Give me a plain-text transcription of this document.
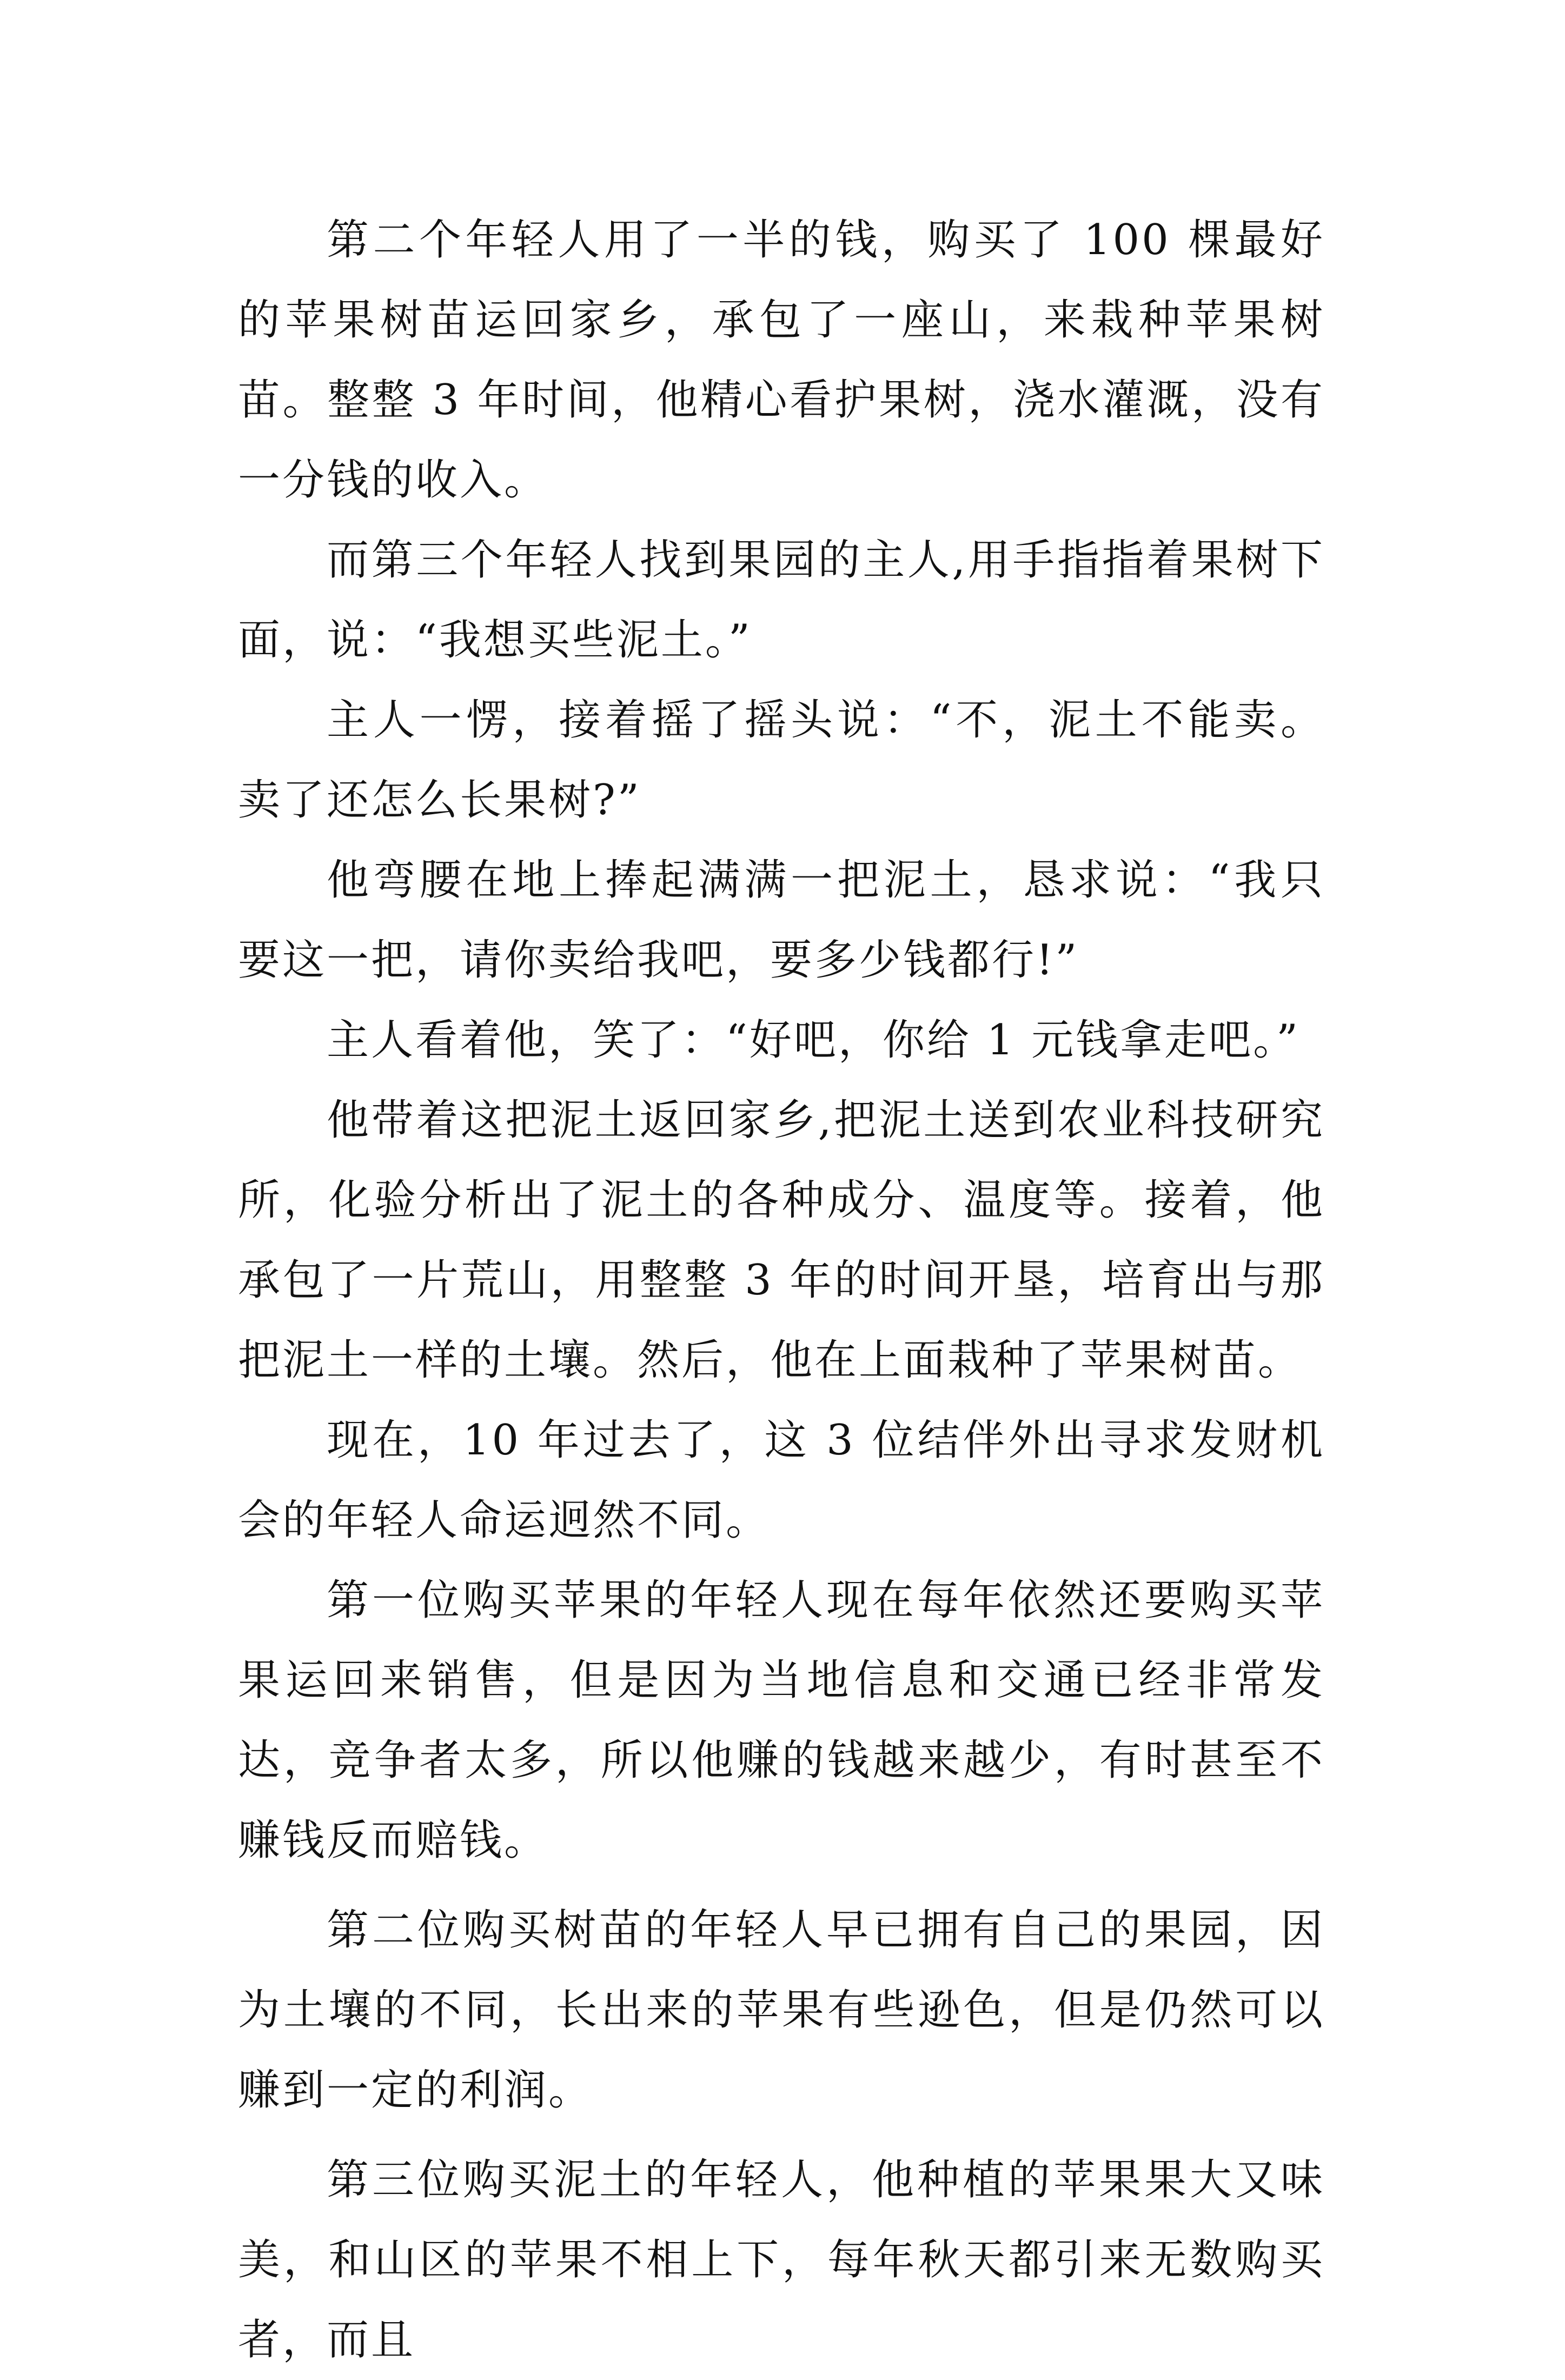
第二个年轻人用了一半的钱，购买了 100 棵最好的苹果树苗运回家乡，承包了一座山，来栽种苹果树苗。整整 3 年时间，他精心看护果树，浇水灌溉，没有一分钱的收入。

而第三个年轻人找到果园的主人,用手指指着果树下面，说：“我想买些泥土。”

主人一愣，接着摇了摇头说：“不，泥土不能卖。卖了还怎么长果树?”

他弯腰在地上捧起满满一把泥土，恳求说：“我只要这一把，请你卖给我吧，要多少钱都行!”

主人看着他，笑了：“好吧，你给 1 元钱拿走吧。”

他带着这把泥土返回家乡,把泥土送到农业科技研究所，化验分析出了泥土的各种成分、温度等。接着，他承包了一片荒山，用整整 3 年的时间开垦，培育出与那把泥土一样的土壤。然后，他在上面栽种了苹果树苗。

现在，10 年过去了，这 3 位结伴外出寻求发财机会的年轻人命运迥然不同。

第一位购买苹果的年轻人现在每年依然还要购买苹果运回来销售，但是因为当地信息和交通已经非常发达，竞争者太多，所以他赚的钱越来越少，有时甚至不赚钱反而赔钱。

第二位购买树苗的年轻人早已拥有自己的果园，因为土壤的不同，长出来的苹果有些逊色，但是仍然可以赚到一定的利润。

第三位购买泥土的年轻人，他种植的苹果果大又味美，和山区的苹果不相上下，每年秋天都引来无数购买者，而且
